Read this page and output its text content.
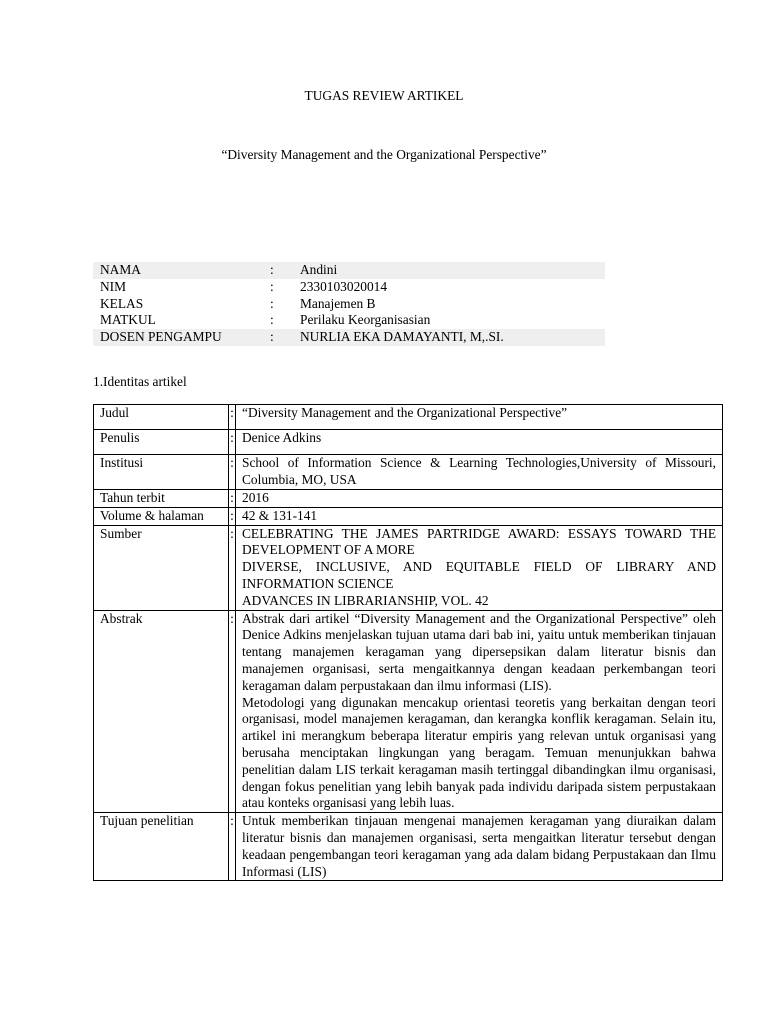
TUGAS REVIEW ARTIKEL
“Diversity Management and the Organizational Perspective”
NAMA	:	Andini
NIM	:	2330103020014
KELAS	:	Manajemen B
MATKUL	:	Perilaku Keorganisasian
DOSEN PENGAMPU	:	NURLIA EKA DAMAYANTI, M,.SI.
1.Identitas artikel
Judul	:	“Diversity Management and the Organizational Perspective”
Penulis	:	Denice Adkins
Institusi	:	School of Information Science & Learning Technologies,University of Missouri, Columbia, MO, USA
Tahun terbit	:	2016
Volume & halaman	:	42 & 131-141
Sumber	:	CELEBRATING THE JAMES PARTRIDGE AWARD: ESSAYS TOWARD THE DEVELOPMENT OF A MORE

DIVERSE, INCLUSIVE, AND EQUITABLE FIELD OF LIBRARY AND INFORMATION SCIENCE

ADVANCES IN LIBRARIANSHIP, VOL. 42

Abstrak	:	Abstrak dari artikel “Diversity Management and the Organizational Perspective” oleh Denice Adkins menjelaskan tujuan utama dari bab ini, yaitu untuk memberikan tinjauan tentang manajemen keragaman yang dipersepsikan dalam literatur bisnis dan manajemen organisasi, serta mengaitkannya dengan keadaan perkembangan teori keragaman dalam perpustakaan dan ilmu informasi (LIS).

Metodologi yang digunakan mencakup orientasi teoretis yang berkaitan dengan teori organisasi, model manajemen keragaman, dan kerangka konflik keragaman. Selain itu, artikel ini merangkum beberapa literatur empiris yang relevan untuk organisasi yang berusaha menciptakan lingkungan yang beragam. Temuan menunjukkan bahwa penelitian dalam LIS terkait keragaman masih tertinggal dibandingkan ilmu organisasi, dengan fokus penelitian yang lebih banyak pada individu daripada sistem perpustakaan atau konteks organisasi yang lebih luas.

Tujuan penelitian	:	Untuk memberikan tinjauan mengenai manajemen keragaman yang diuraikan dalam literatur bisnis dan manajemen organisasi, serta mengaitkan literatur tersebut dengan keadaan pengembangan teori keragaman yang ada dalam bidang Perpustakaan dan Ilmu Informasi (LIS)
